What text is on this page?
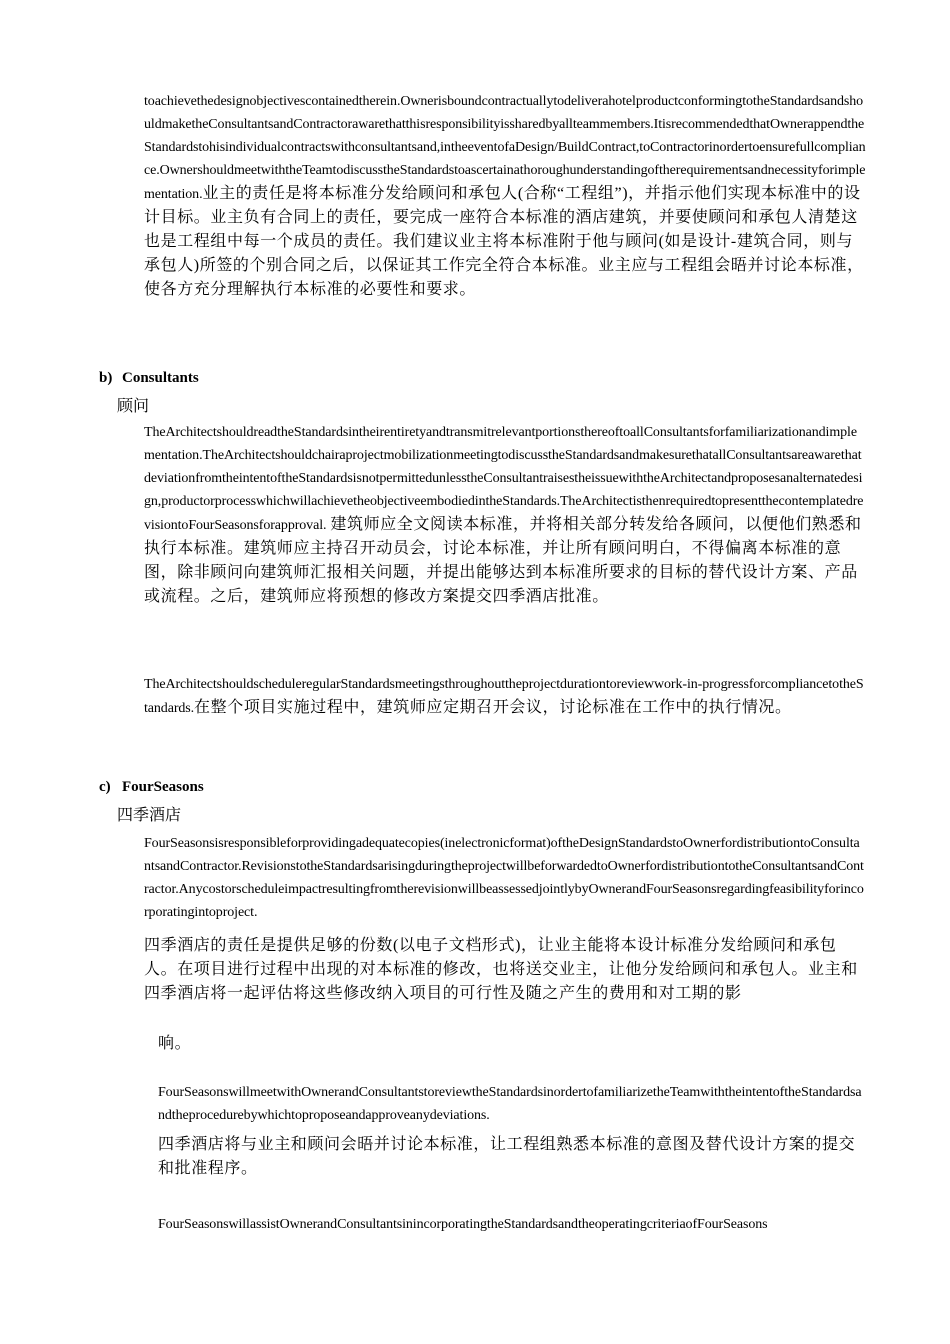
toachievethedesignobjectivescontainedtherein.OwnerisboundcontractuallytodeliverahotelproductconformingtotheStandardsandshouldmaketheConsultantsandContractorawarethatthisresponsibilityissharedbyallteammembers.ItisrecommendedthatOwnerappendtheStandardstohisindividualcontractswithconsultantsand,intheeventofaDesign/BuildContract,toContractorinordertoensurefullcompliance.OwnershouldmeetwiththeTeamtodiscusstheStandardstoascertainathoroughunderstandingoftherequirementsandnecessityforimplementation.业主的责任是将本标准分发给顾问和承包人(合称“工程组”)，并指示他们实现本标准中的设计目标。业主负有合同上的责任，要完成一座符合本标准的酒店建筑，并要使顾问和承包人清楚这也是工程组中每一个成员的责任。我们建议业主将本标准附于他与顾问(如是设计-建筑合同，则与承包人)所签的个别合同之后，以保证其工作完全符合本标准。业主应与工程组会晤并讨论本标准，使各方充分理解执行本标准的必要性和要求。
b) Consultants
顾问
TheArchitectshouldreadtheStandardsintheirentiretyandtransmitrelevantportionsthereoftoallConsultantsforfamiliarizationandimplementation.TheArchitectshouldchairaprojectmobilizationmeetingtodiscusstheStandardsandmakesurethatallConsultantsareawarethatdeviationfromtheintentoftheStandardsisnotpermittedunlesstheConsultantraisestheissuewiththeArchitectandproposesanalternatedesign,productorprocesswhichwillachievetheobjectiveembodiedintheStandards.TheArchitectisthenrequiredtopresentthecontemplatedrevisiontoFourSeasonsforapproval. 建筑师应全文阅读本标准，并将相关部分转发给各顾问，以便他们熟悉和执行本标准。建筑师应主持召开动员会，讨论本标准，并让所有顾问明白，不得偏离本标准的意图，除非顾问向建筑师汇报相关问题，并提出能够达到本标准所要求的目标的替代设计方案、产品或流程。之后，建筑师应将预想的修改方案提交四季酒店批准。
TheArchitectshouldscheduleregularStandardsmeetingsthroughouttheprojectdurationtoreviewwork-in-progressforcompliancetotheStandards.在整个项目实施过程中，建筑师应定期召开会议，讨论标准在工作中的执行情况。
c) FourSeasons
四季酒店
FourSeasonsisresponsibleforprovidingadequatecopies(inelectronicformat)oftheDesignStandardstoOwnerfordistributiontoConsultantsandContractor.RevisionstotheStandardsarisingduringtheprojectwillbeforwardedtoOwnerfordistributiontotheConsultantsandContractor.AnycostorscheduleimpactresultingfromtherevisionwillbeassessedjointlybyOwnerandFourSeasonsregardingfeasibilityforincorporatingintoproject.
四季酒店的责任是提供足够的份数(以电子文档形式)，让业主能将本设计标准分发给顾问和承包人。在项目进行过程中出现的对本标准的修改，也将送交业主，让他分发给顾问和承包人。业主和四季酒店将一起评估将这些修改纳入项目的可行性及随之产生的费用和对工期的影
响。
FourSeasonswillmeetwithOwnerandConsultantstoreviewtheStandardsinordertofamiliarizetheTeamwiththeintentoftheStandardsandtheprocedurebywhichtoproposeandapproveanydeviations.
四季酒店将与业主和顾问会晤并讨论本标准，让工程组熟悉本标准的意图及替代设计方案的提交和批准程序。
FourSeasonswillassistOwnerandConsultantsinincorporatingtheStandardsandtheoperatingcriteriaofFourSeasons
